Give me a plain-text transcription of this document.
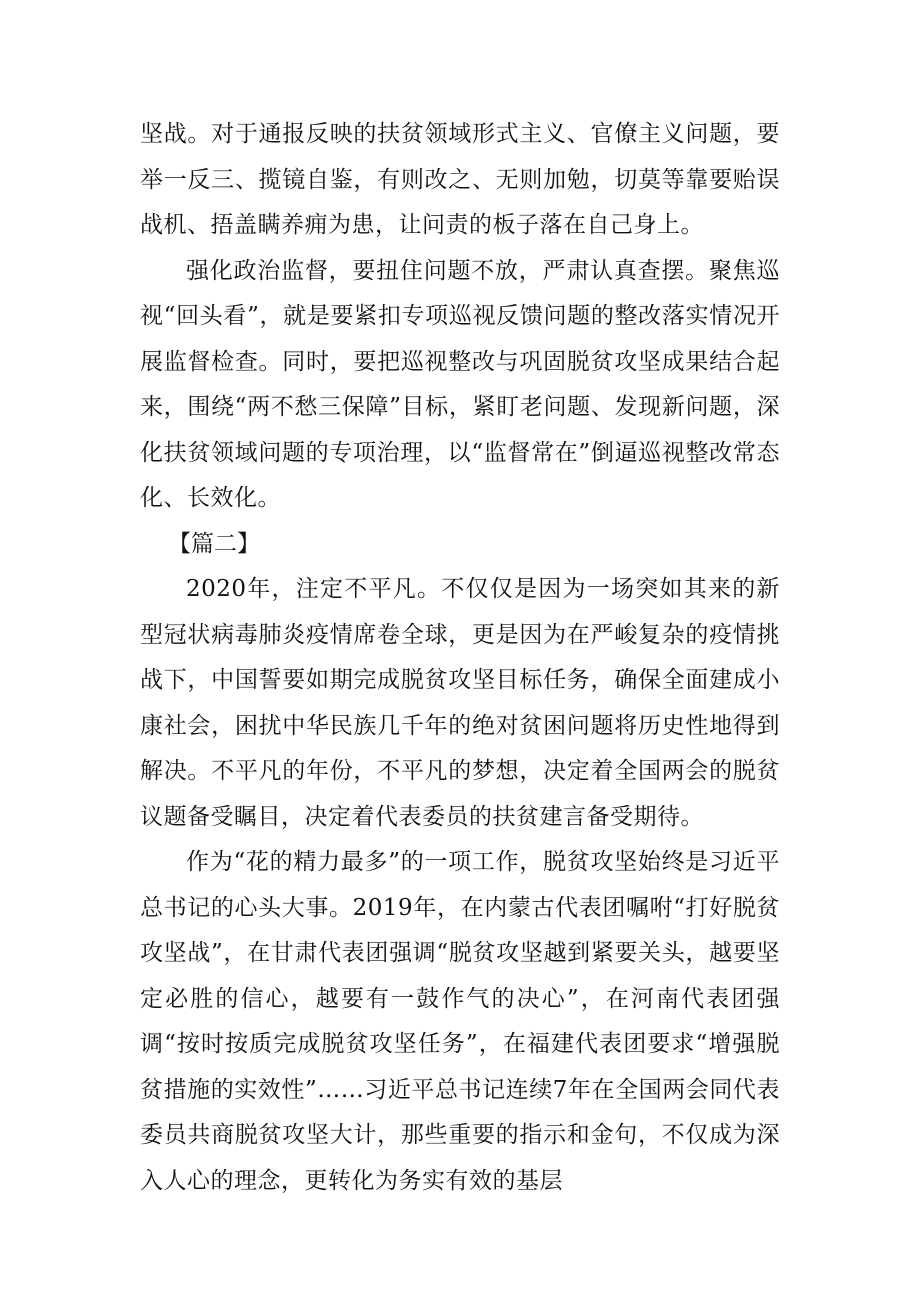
坚战。对于通报反映的扶贫领域形式主义、官僚主义问题，要举一反三、揽镜自鉴，有则改之、无则加勉，切莫等靠要贻误战机、捂盖瞒养痈为患，让问责的板子落在自己身上。

强化政治监督，要扭住问题不放，严肃认真查摆。聚焦巡视“回头看”，就是要紧扣专项巡视反馈问题的整改落实情况开展监督检查。同时，要把巡视整改与巩固脱贫攻坚成果结合起来，围绕“两不愁三保障”目标，紧盯老问题、发现新问题，深化扶贫领域问题的专项治理，以“监督常在”倒逼巡视整改常态化、长效化。

【篇二】

2020年，注定不平凡。不仅仅是因为一场突如其来的新型冠状病毒肺炎疫情席卷全球，更是因为在严峻复杂的疫情挑战下，中国誓要如期完成脱贫攻坚目标任务，确保全面建成小康社会，困扰中华民族几千年的绝对贫困问题将历史性地得到解决。不平凡的年份，不平凡的梦想，决定着全国两会的脱贫议题备受瞩目，决定着代表委员的扶贫建言备受期待。

作为“花的精力最多”的一项工作，脱贫攻坚始终是习近平总书记的心头大事。2019年，在内蒙古代表团嘱咐“打好脱贫攻坚战”，在甘肃代表团强调“脱贫攻坚越到紧要关头，越要坚定必胜的信心，越要有一鼓作气的决心”，在河南代表团强调“按时按质完成脱贫攻坚任务”，在福建代表团要求“增强脱贫措施的实效性”……习近平总书记连续7年在全国两会同代表委员共商脱贫攻坚大计，那些重要的指示和金句，不仅成为深入人心的理念，更转化为务实有效的基层
